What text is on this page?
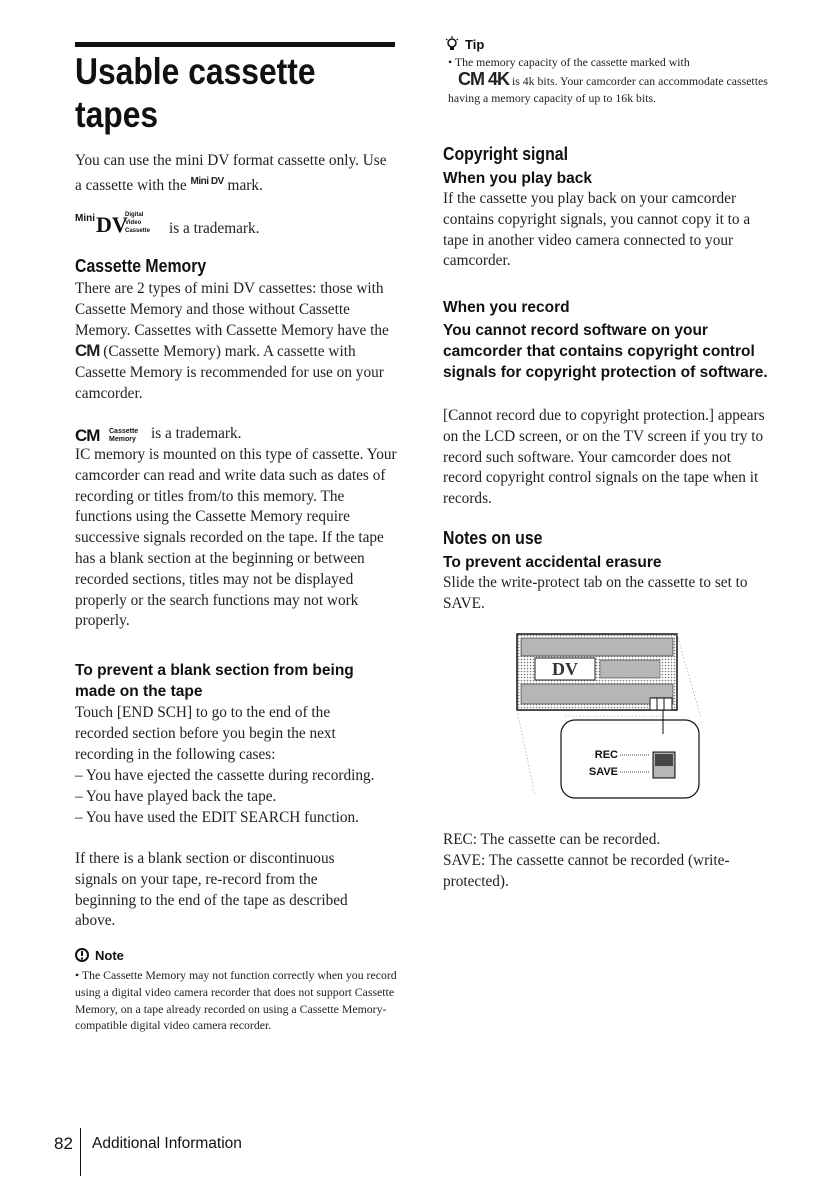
Usable cassette
tapes

You can use the mini DV format cassette only. Use a cassette with the Mini DV mark.

Mini DV
Digital
Video
Cassette is a trademark.
Cassette Memory

There are 2 types of mini DV cassettes: those with Cassette Memory and those without Cassette Memory. Cassettes with Cassette Memory have the CM (Cassette Memory) mark. A cassette with Cassette Memory is recommended for use on your camcorder.

CM Cassette
Memory is a trademark.

IC memory is mounted on this type of cassette. Your camcorder can read and write data such as dates of recording or titles from/to this memory. The functions using the Cassette Memory require successive signals recorded on the tape. If the tape has a blank section at the beginning or between recorded sections, titles may not be displayed properly or the search functions may not work properly.

To prevent a blank section from being made on the tape

Touch [END SCH] to go to the end of the recorded section before you begin the next recording in the following cases:

– You have ejected the cassette during recording.
– You have played back the tape.
– You have used the EDIT SEARCH function.

If there is a blank section or discontinuous signals on your tape, re-record from the beginning to the end of the tape as described above.

Note

• The Cassette Memory may not function correctly when you record using a digital video camera recorder that does not support Cassette Memory, on a tape already recorded on using a Cassette Memory-compatible digital video camera recorder.

Tip

• The memory capacity of the cassette marked with
CM 4K is 4k bits. Your camcorder can accommodate cassettes having a memory capacity of up to 16k bits.

Copyright signal

When you play back

If the cassette you play back on your camcorder contains copyright signals, you cannot copy it to a tape in another video camera connected to your camcorder.

When you record

You cannot record software on your camcorder that contains copyright control signals for copyright protection of software.

[Cannot record due to copyright protection.] appears on the LCD screen, or on the TV screen if you try to record such software. Your camcorder does not record copyright control signals on the tape when it records.

Notes on use

To prevent accidental erasure

Slide the write-protect tab on the cassette to set to SAVE.

DV
REC
SAVE

REC: The cassette can be recorded.

SAVE: The cassette cannot be recorded (write-protected).

82 Additional Information
